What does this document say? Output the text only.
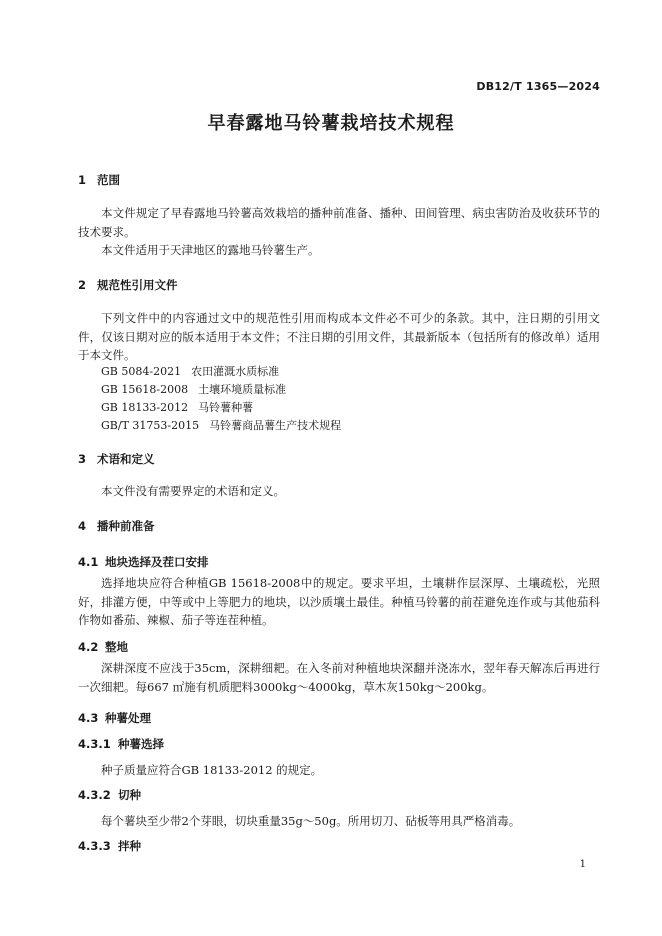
DB12/T 1365—2024
早春露地马铃薯栽培技术规程
1 范围

本文件规定了早春露地马铃薯高效栽培的播种前准备、播种、田间管理、病虫害防治及收获环节的技术要求。

本文件适用于天津地区的露地马铃薯生产。

2 规范性引用文件

下列文件中的内容通过文中的规范性引用而构成本文件必不可少的条款。其中，注日期的引用文件，仅该日期对应的版本适用于本文件；不注日期的引用文件，其最新版本（包括所有的修改单）适用于本文件。

GB 5084-2021 农田灌溉水质标准
GB 15618-2008 土壤环境质量标准
GB 18133-2012 马铃薯种薯
GB/T 31753-2015 马铃薯商品薯生产技术规程
3 术语和定义

本文件没有需要界定的术语和定义。

4 播种前准备
4.1 地块选择及茬口安排

选择地块应符合种植GB 15618-2008中的规定。要求平坦，土壤耕作层深厚、土壤疏松，光照好，排灌方便，中等或中上等肥力的地块，以沙质壤土最佳。种植马铃薯的前茬避免连作或与其他茄科作物如番茄、辣椒、茄子等连茬种植。

4.2 整地

深耕深度不应浅于35cm，深耕细耙。在入冬前对种植地块深翻并浇冻水，翌年春天解冻后再进行一次细耙。每667 ㎡施有机质肥料3000kg～4000kg，草木灰150kg～200kg。

4.3 种薯处理
4.3.1 种薯选择

种子质量应符合GB 18133-2012 的规定。

4.3.2 切种

每个薯块至少带2个芽眼，切块重量35g～50g。所用切刀、砧板等用具严格消毒。

4.3.3 拌种
1
